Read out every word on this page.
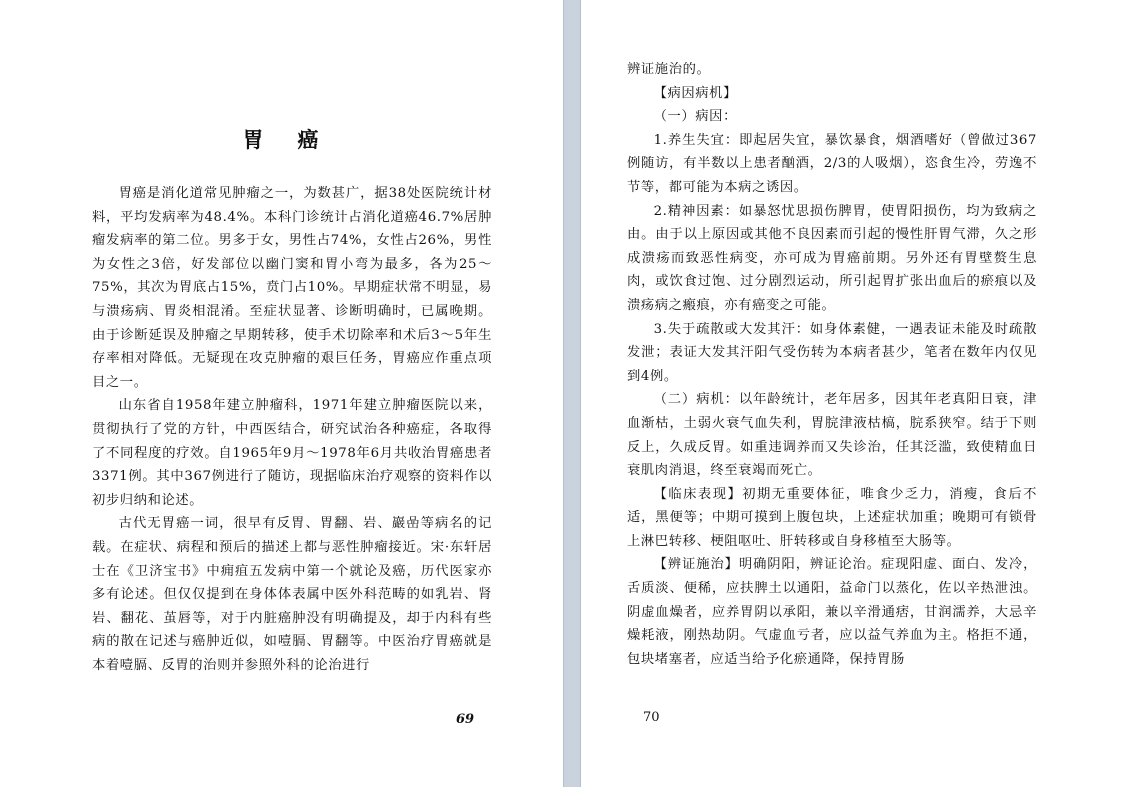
胃 癌

胃癌是消化道常见肿瘤之一，为数甚广，据38处医院统计材料，平均发病率为48.4%。本科门诊统计占消化道癌46.7%居肿瘤发病率的第二位。男多于女，男性占74%，女性占26%，男性为女性之3倍，好发部位以幽门窦和胃小弯为最多，各为25～75%，其次为胃底占15%，贲门占10%。早期症状常不明显，易与溃疡病、胃炎相混淆。至症状显著、诊断明确时，已属晚期。由于诊断延误及肿瘤之早期转移，使手术切除率和术后3～5年生存率相对降低。无疑现在攻克肿瘤的艰巨任务，胃癌应作重点项目之一。

山东省自1958年建立肿瘤科，1971年建立肿瘤医院以来，贯彻执行了党的方针，中西医结合，研究试治各种癌症，各取得了不同程度的疗效。自1965年9月～1978年6月共收治胃癌患者3371例。其中367例进行了随访，现据临床治疗观察的资料作以初步归纳和论述。

古代无胃癌一词，很早有反胃、胃翻、岩、巖嵒等病名的记载。在症状、病程和预后的描述上都与恶性肿瘤接近。宋·东轩居士在《卫济宝书》中痈疽五发病中第一个就论及癌，历代医家亦多有论述。但仅仅提到在身体体表属中医外科范畴的如乳岩、肾岩、翻花、茧唇等，对于内脏癌肿没有明确提及，却于内科有些病的散在记述与癌肿近似，如噎膈、胃翻等。中医治疗胃癌就是本着噎膈、反胃的治则并参照外科的论治进行

69

辨证施治的。

【病因病机】

（一）病因：

1.养生失宜：即起居失宜，暴饮暴食，烟酒嗜好（曾做过367例随访，有半数以上患者酗酒，2/3的人吸烟），恣食生冷，劳逸不节等，都可能为本病之诱因。

2.精神因素：如暴怒忧思损伤脾胃，使胃阳损伤，均为致病之由。由于以上原因或其他不良因素而引起的慢性肝胃气滞，久之形成溃疡而致恶性病变，亦可成为胃癌前期。另外还有胃壁赘生息肉，或饮食过饱、过分剧烈运动，所引起胃扩张出血后的瘀痕以及溃疡病之瘢痕，亦有癌变之可能。

3.失于疏散或大发其汗：如身体素健，一遇表证未能及时疏散发泄；表证大发其汗阳气受伤转为本病者甚少，笔者在数年内仅见到4例。

（二）病机：以年龄统计，老年居多，因其年老真阳日衰，津血渐枯，土弱火衰气血失利，胃脘津液枯槁，脘系狭窄。结于下则反上，久成反胃。如重违调养而又失诊治，任其泛滥，致使精血日衰肌肉消退，终至衰竭而死亡。

【临床表现】初期无重要体征，唯食少乏力，消瘦，食后不适，黑便等；中期可摸到上腹包块，上述症状加重；晚期可有锁骨上淋巴转移、梗阻呕吐、肝转移或自身移植至大肠等。

【辨证施治】明确阴阳，辨证论治。症现阳虚、面白、发冷，舌质淡、便稀，应扶脾土以通阳，益命门以蒸化，佐以辛热泄浊。阴虚血燥者，应养胃阴以承阳，兼以辛滑通痞，甘润濡养，大忌辛燥耗液，刚热劫阴。气虚血亏者，应以益气养血为主。格拒不通，包块堵塞者，应适当给予化瘀通降，保持胃肠

70
